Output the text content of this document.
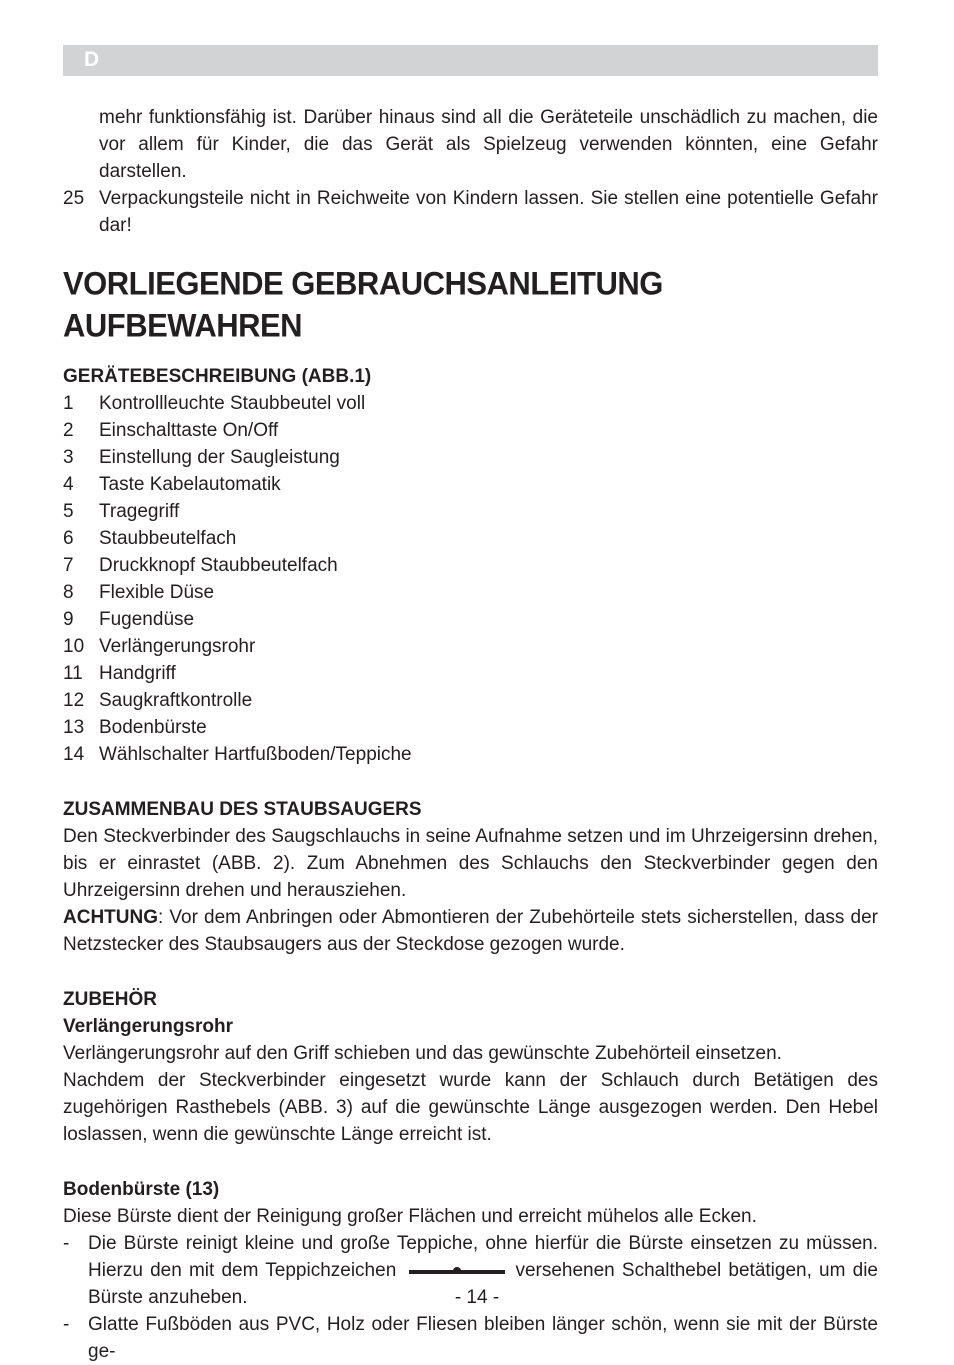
D

mehr funktionsfähig ist. Darüber hinaus sind all die Geräteteile unschädlich zu machen, die vor allem für Kinder, die das Gerät als Spielzeug verwenden könnten, eine Gefahr darstellen.

25 Verpackungsteile nicht in Reichweite von Kindern lassen. Sie stellen eine potentielle Gefahr dar!
VORLIEGENDE GEBRAUCHSANLEITUNG AUFBEWAHREN

GERÄTEBESCHREIBUNG (ABB.1)

1	Kontrollleuchte Staubbeutel voll
2	Einschalttaste On/Off
3	Einstellung der Saugleistung
4	Taste Kabelautomatik
5	Tragegriff
6	Staubbeutelfach
7	Druckknopf Staubbeutelfach
8	Flexible Düse
9	Fugendüse
10 Verlängerungsrohr
11 Handgriff
12 Saugkraftkontrolle
13 Bodenbürste
14 Wählschalter Hartfußboden/Teppiche

ZUSAMMENBAU DES STAUBSAUGERS

Den Steckverbinder des Saugschlauchs in seine Aufnahme setzen und im Uhrzeigersinn drehen, bis er einrastet (ABB. 2). Zum Abnehmen des Schlauchs den Steckverbinder gegen den Uhrzeigersinn drehen und herausziehen.

ACHTUNG: Vor dem Anbringen oder Abmontieren der Zubehörteile stets sicherstellen, dass der Netzstecker des Staubsaugers aus der Steckdose gezogen wurde.

ZUBEHÖR

Verlängerungsrohr

Verlängerungsrohr auf den Griff schieben und das gewünschte Zubehörteil einsetzen.

Nachdem der Steckverbinder eingesetzt wurde kann der Schlauch durch Betätigen des zugehörigen Rasthebels (ABB. 3) auf die gewünschte Länge ausgezogen werden. Den Hebel loslassen, wenn die gewünschte Länge erreicht ist.

Bodenbürste (13)

Diese Bürste dient der Reinigung großer Flächen und erreicht mühelos alle Ecken.

- Die Bürste reinigt kleine und große Teppiche, ohne hierfür die Bürste einsetzen zu müssen. Hierzu den mit dem Teppichzeichen	versehenen Schalthebel betätigen, um die Bürste anzuheben.
- Glatte Fußböden aus PVC, Holz oder Fliesen bleiben länger schön, wenn sie mit der Bürste ge-
- 14 -
